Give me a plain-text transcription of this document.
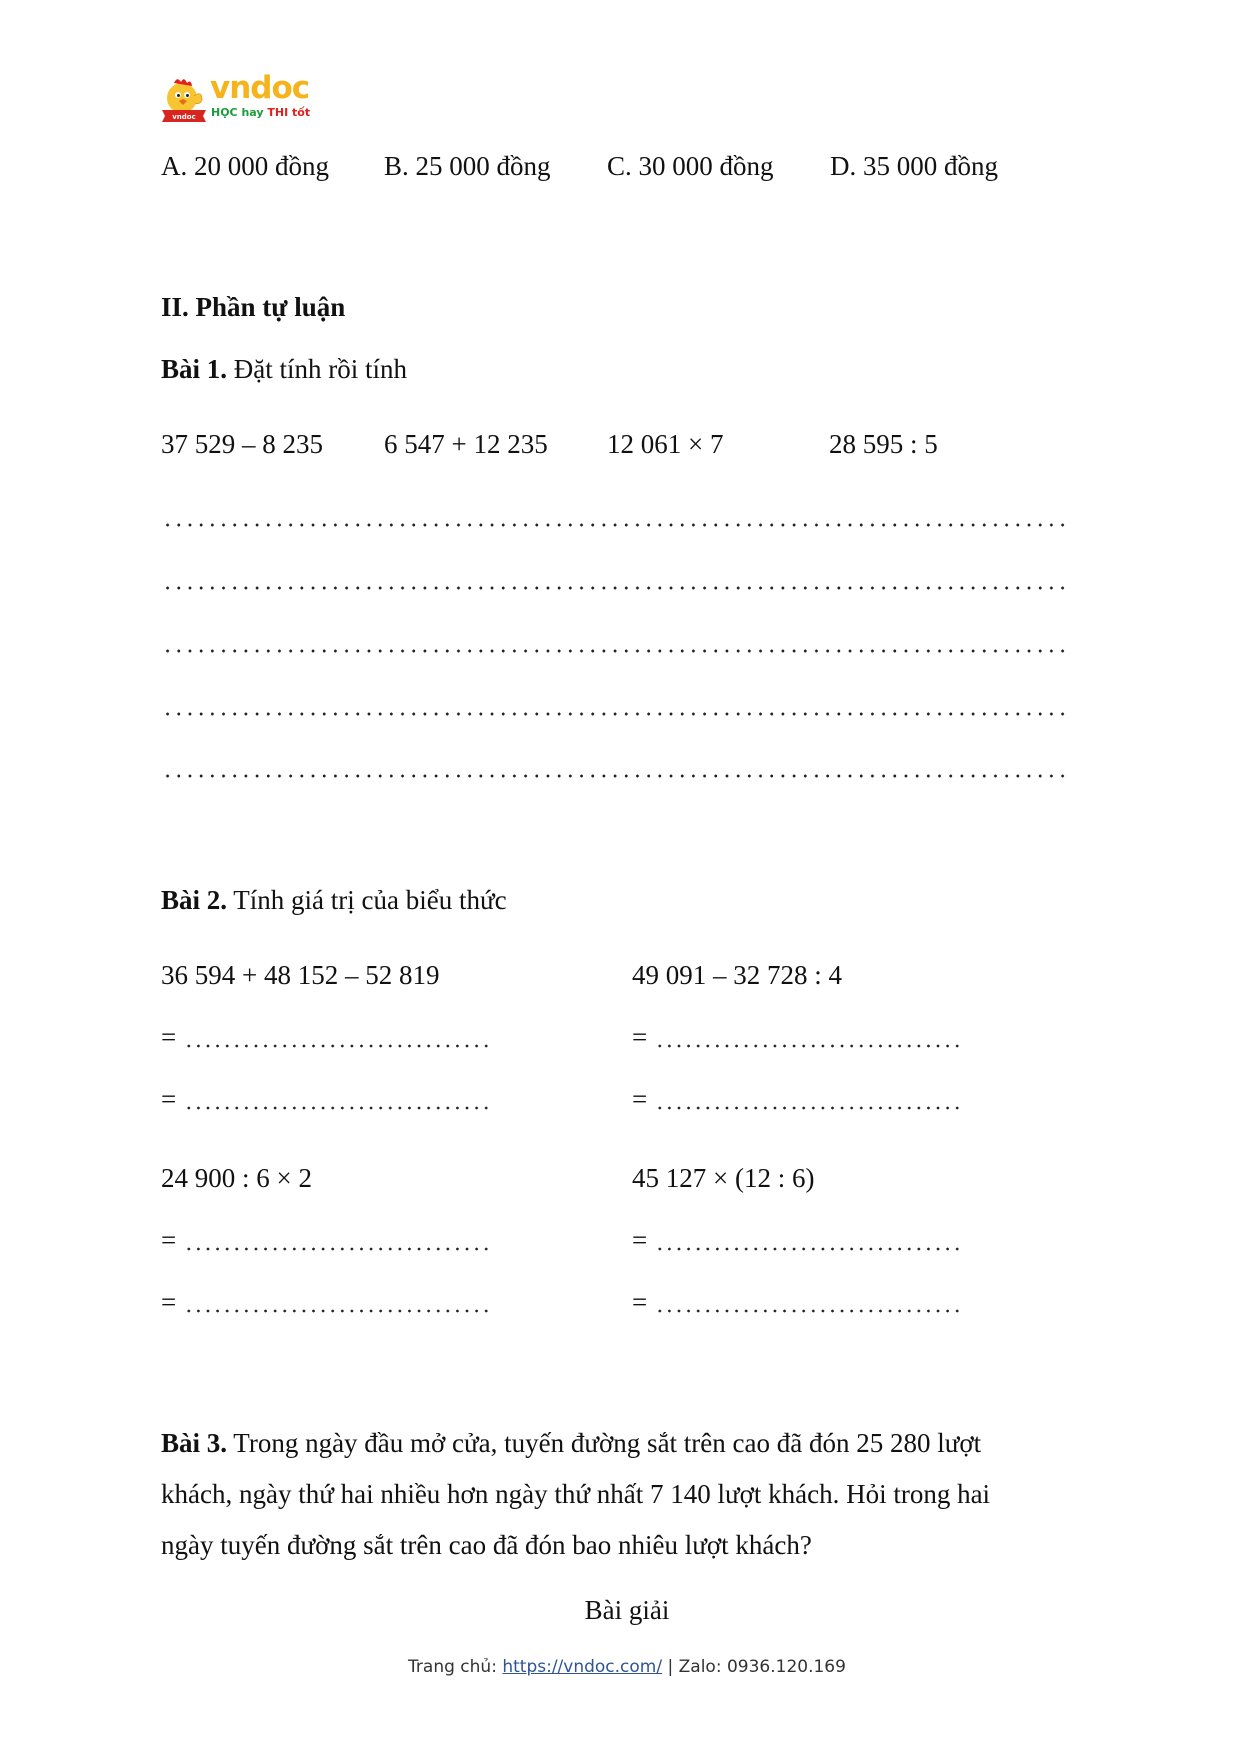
vndoc
vndoc
HỌC hay THI tốt
A. 20 000 đồng B. 25 000 đồng C. 30 000 đồng D. 35 000 đồng
II. Phần tự luận
Bài 1. Đặt tính rồi tính
37 529 – 8 235 6 547 + 12 235 12 061 × 7	28 595 : 5
Bài 2. Tính giá trị của biểu thức
36 594 + 48 152 – 52 819	49 091 – 32 728 : 4
=	=
=	=
24 900 : 6 × 2	45 127 × (12 : 6)
=	=
=	=
Bài 3. Trong ngày đầu mở cửa, tuyến đường sắt trên cao đã đón 25 280 lượt
khách, ngày thứ hai nhiều hơn ngày thứ nhất 7 140 lượt khách. Hỏi trong hai
ngày tuyến đường sắt trên cao đã đón bao nhiêu lượt khách?
Bài giải
Trang chủ: https://vndoc.com/ | Zalo: 0936.120.169
